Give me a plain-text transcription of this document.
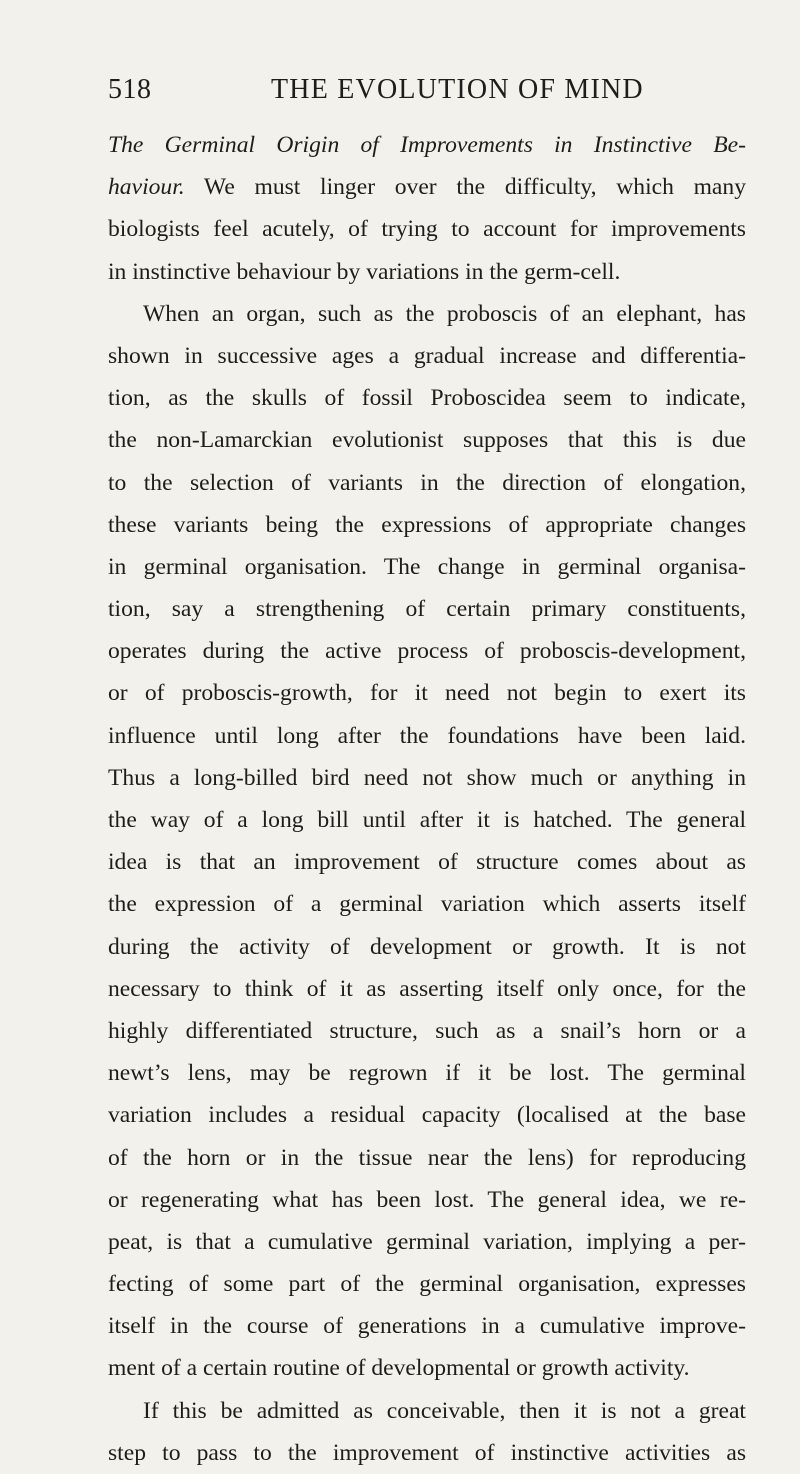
518	THE EVOLUTION OF MIND
The Germinal Origin of Improvements in Instinctive Be-
haviour. We must linger over the difficulty, which many
biologists feel acutely, of trying to account for improvements
in instinctive behaviour by variations in the germ-cell.
When an organ, such as the proboscis of an elephant, has
shown in successive ages a gradual increase and differentia-
tion, as the skulls of fossil Proboscidea seem to indicate,
the non-Lamarckian evolutionist supposes that this is due
to the selection of variants in the direction of elongation,
these variants being the expressions of appropriate changes
in germinal organisation. The change in germinal organisa-
tion, say a strengthening of certain primary constituents,
operates during the active process of proboscis-development,
or of proboscis-growth, for it need not begin to exert its
influence until long after the foundations have been laid.
Thus a long-billed bird need not show much or anything in
the way of a long bill until after it is hatched. The general
idea is that an improvement of structure comes about as
the expression of a germinal variation which asserts itself
during the activity of development or growth. It is not
necessary to think of it as asserting itself only once, for the
highly differentiated structure, such as a snail’s horn or a
newt’s lens, may be regrown if it be lost. The germinal
variation includes a residual capacity (localised at the base
of the horn or in the tissue near the lens) for reproducing
or regenerating what has been lost. The general idea, we re-
peat, is that a cumulative germinal variation, implying a per-
fecting of some part of the germinal organisation, expresses
itself in the course of generations in a cumulative improve-
ment of a certain routine of developmental or growth activity.
If this be admitted as conceivable, then it is not a great
step to pass to the improvement of instinctive activities as
